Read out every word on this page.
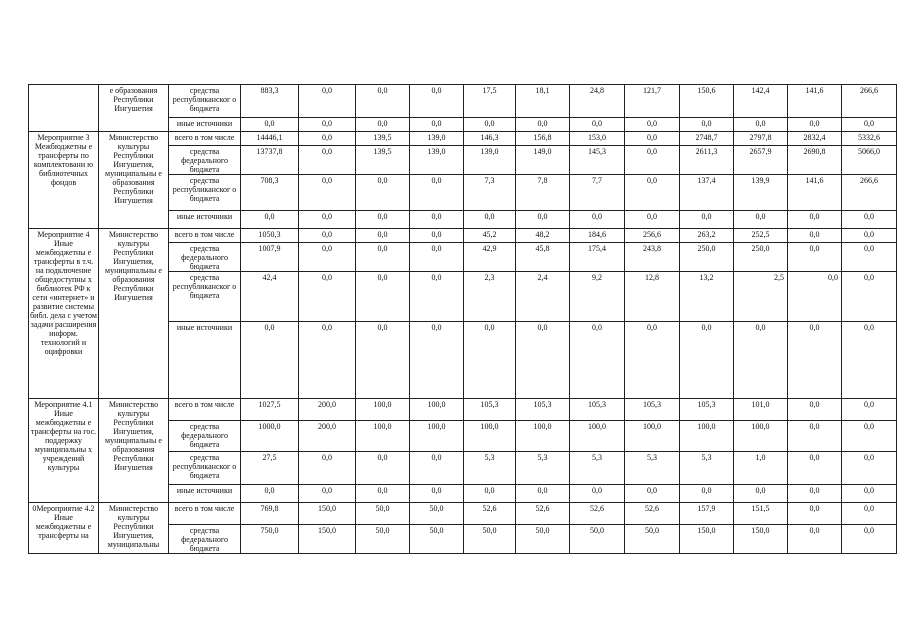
	е образования Республики Ингушетия	средства республиканског о бюджета	883,3	0,0	0,0	0,0	17,5	18,1	24,8	121,7	150,6	142,4	141,6	266,6
		иные источники	0,0	0,0	0,0	0,0	0,0	0,0	0,0	0,0	0,0	0,0	0,0	0,0
Мероприятие 3 Межбюджетны е трансферты по комплектовани ю библиотечных фондов	Министерство культуры Республики Ингушетия, муниципальны е образования Республики Ингушетия	всего в том числе	14446,1	0,0	139,5	139,0	146,3	156,8	153,0	0,0	2748,7	2797,8	2832,4	5332,6
		средства федерального бюджета	13737,8	0,0	139,5	139,0	139,0	149,0	145,3	0,0	2611,3	2657,9	2690,8	5066,0
		средства республиканског о бюджета	708,3	0,0	0,0	0,0	7,3	7,8	7,7	0,0	137,4	139,9	141,6	266,6
		иные источники	0,0	0,0	0,0	0,0	0,0	0,0	0,0	0,0	0,0	0,0	0,0	0,0
Мероприятие 4 Иные межбюджетны е трансферты в т.ч. на подключение общедоступны х библиотек РФ к сети «интернет» и развитие системы библ. дела с учетом задачи расширения информ. технологий и оцифровки	Министерство культуры Республики Ингушетия, муниципальны е образования Республики Ингушетия	всего в том числе	1050,3	0,0	0,0	0,0	45,2	48,2	184,6	256,6	263,2	252,5	0,0	0,0
		средства федерального бюджета	1007,9	0,0	0,0	0,0	42,9	45,8	175,4	243,8	250,0	250,0	0,0	0,0
		средства республиканског о бюджета	42,4	0,0	0,0	0,0	2,3	2,4	9,2	12,8	13,2	2,5	0,0	0,0
		иные источники	0,0	0,0	0,0	0,0	0,0	0,0	0,0	0,0	0,0	0,0	0,0	0,0
Мероприятие 4.1 Иные межбюджетны е трансферты на гос. поддержку муниципальны х учреждений культуры	Министерство культуры Республики Ингушетия, муниципальны е образования Республики Ингушетия	всего в том числе	1027,5	200,0	100,0	100,0	105,3	105,3	105,3	105,3	105,3	101,0	0,0	0,0
		средства федерального бюджета	1000,0	200,0	100,0	100,0	100,0	100,0	100,0	100,0	100,0	100,0	0,0	0,0
		средства республиканског о бюджета	27,5	0,0	0,0	0,0	5,3	5,3	5,3	5,3	5,3	1,0	0,0	0,0
		иные источники	0,0	0,0	0,0	0,0	0,0	0,0	0,0	0,0	0,0	0,0	0,0	0,0
0Мероприятие 4.2 Иные межбюджетны е трансферты на	Министерство культуры Республики Ингушетия, муниципальны	всего в том числе	769,8	150,0	50,0	50,0	52,6	52,6	52,6	52,6	157,9	151,5	0,0	0,0
		средства федерального бюджета	750,0	150,0	50,0	50,0	50,0	50,0	50,0	50,0	150,0	150,0	0,0	0,0
